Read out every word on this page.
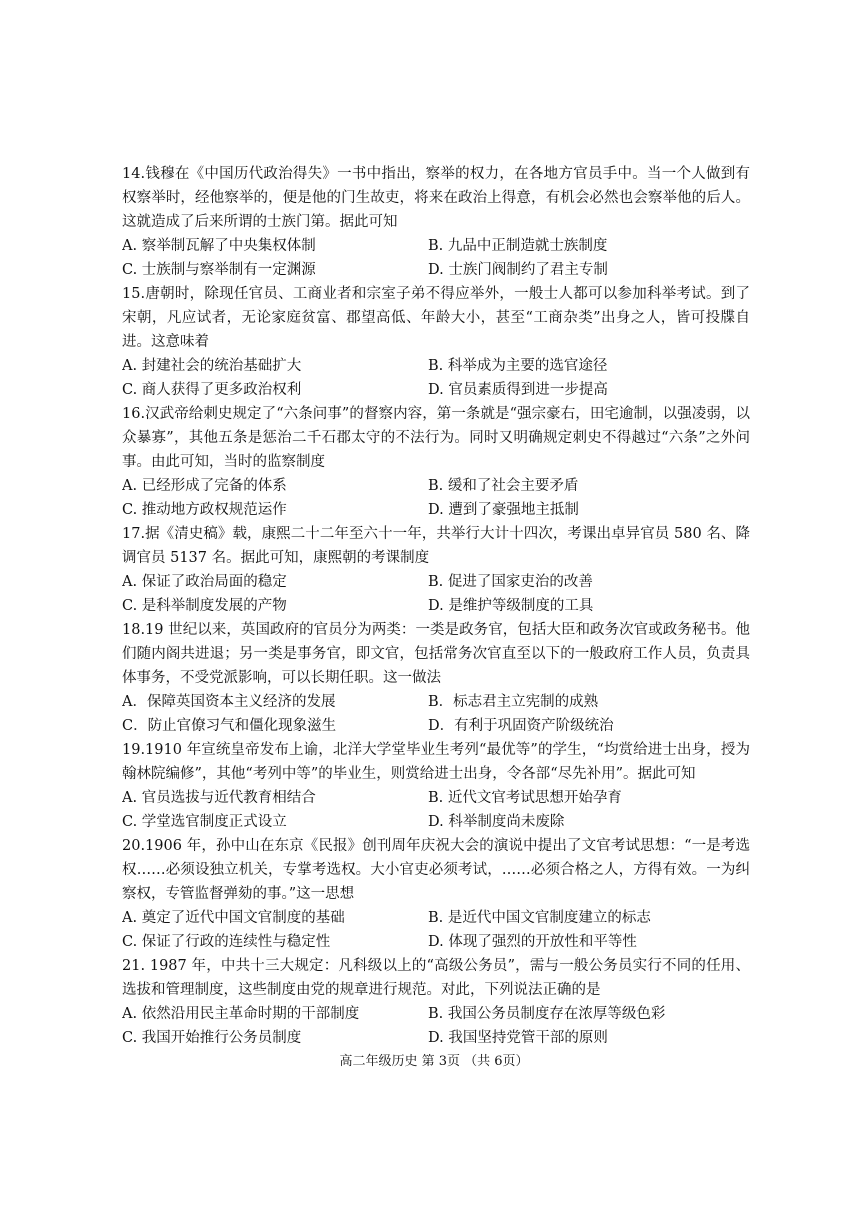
14.钱穆在《中国历代政治得失》一书中指出，察举的权力，在各地方官员手中。当一个人做到有权察举时，经他察举的，便是他的门生故吏，将来在政治上得意，有机会必然也会察举他的后人。这就造成了后来所谓的士族门第。据此可知

A. 察举制瓦解了中央集权体制	B. 九品中正制造就士族制度
C. 士族制与察举制有一定渊源	D. 士族门阀制约了君主专制

15.唐朝时，除现任官员、工商业者和宗室子弟不得应举外，一般士人都可以参加科举考试。到了宋朝，凡应试者，无论家庭贫富、郡望高低、年龄大小，甚至“工商杂类”出身之人，皆可投牒自进。这意味着

A. 封建社会的统治基础扩大	B. 科举成为主要的选官途径
C. 商人获得了更多政治权利	D. 官员素质得到进一步提高

16.汉武帝给刺史规定了“六条问事”的督察内容，第一条就是“强宗豪右，田宅逾制，以强凌弱，以众暴寡”，其他五条是惩治二千石郡太守的不法行为。同时又明确规定刺史不得越过“六条”之外问事。由此可知，当时的监察制度

A. 已经形成了完备的体系	B. 缓和了社会主要矛盾
C. 推动地方政权规范运作	D. 遭到了豪强地主抵制

17.据《清史稿》载，康熙二十二年至六十一年，共举行大计十四次，考课出卓异官员 580 名、降调官员 5137 名。据此可知，康熙朝的考课制度

A. 保证了政治局面的稳定	B. 促进了国家吏治的改善
C. 是科举制度发展的产物	D. 是维护等级制度的工具

18.19 世纪以来，英国政府的官员分为两类：一类是政务官，包括大臣和政务次官或政务秘书。他们随内阁共进退；另一类是事务官，即文官，包括常务次官直至以下的一般政府工作人员，负责具体事务，不受党派影响，可以长期任职。这一做法

A．保障英国资本主义经济的发展	B．标志君主立宪制的成熟
C．防止官僚习气和僵化现象滋生	D．有利于巩固资产阶级统治

19.1910 年宣统皇帝发布上谕，北洋大学堂毕业生考列“最优等”的学生，“均赏给进士出身，授为翰林院编修”，其他“考列中等”的毕业生，则赏给进士出身，令各部“尽先补用”。据此可知

A. 官员选拔与近代教育相结合	B. 近代文官考试思想开始孕育
C. 学堂选官制度正式设立	D. 科举制度尚未废除

20.1906 年，孙中山在东京《民报》创刊周年庆祝大会的演说中提出了文官考试思想：“一是考选权……必须设独立机关，专掌考选权。大小官吏必须考试，……必须合格之人，方得有效。一为纠察权，专管监督弹劾的事。”这一思想

A. 奠定了近代中国文官制度的基础	B. 是近代中国文官制度建立的标志
C. 保证了行政的连续性与稳定性	D. 体现了强烈的开放性和平等性

21. 1987 年，中共十三大规定：凡科级以上的“高级公务员”，需与一般公务员实行不同的任用、选拔和管理制度，这些制度由党的规章进行规范。对此，下列说法正确的是

A. 依然沿用民主革命时期的干部制度	B. 我国公务员制度存在浓厚等级色彩
C. 我国开始推行公务员制度	D. 我国坚持党管干部的原则
高二年级历史 第 3页 （共 6页）
